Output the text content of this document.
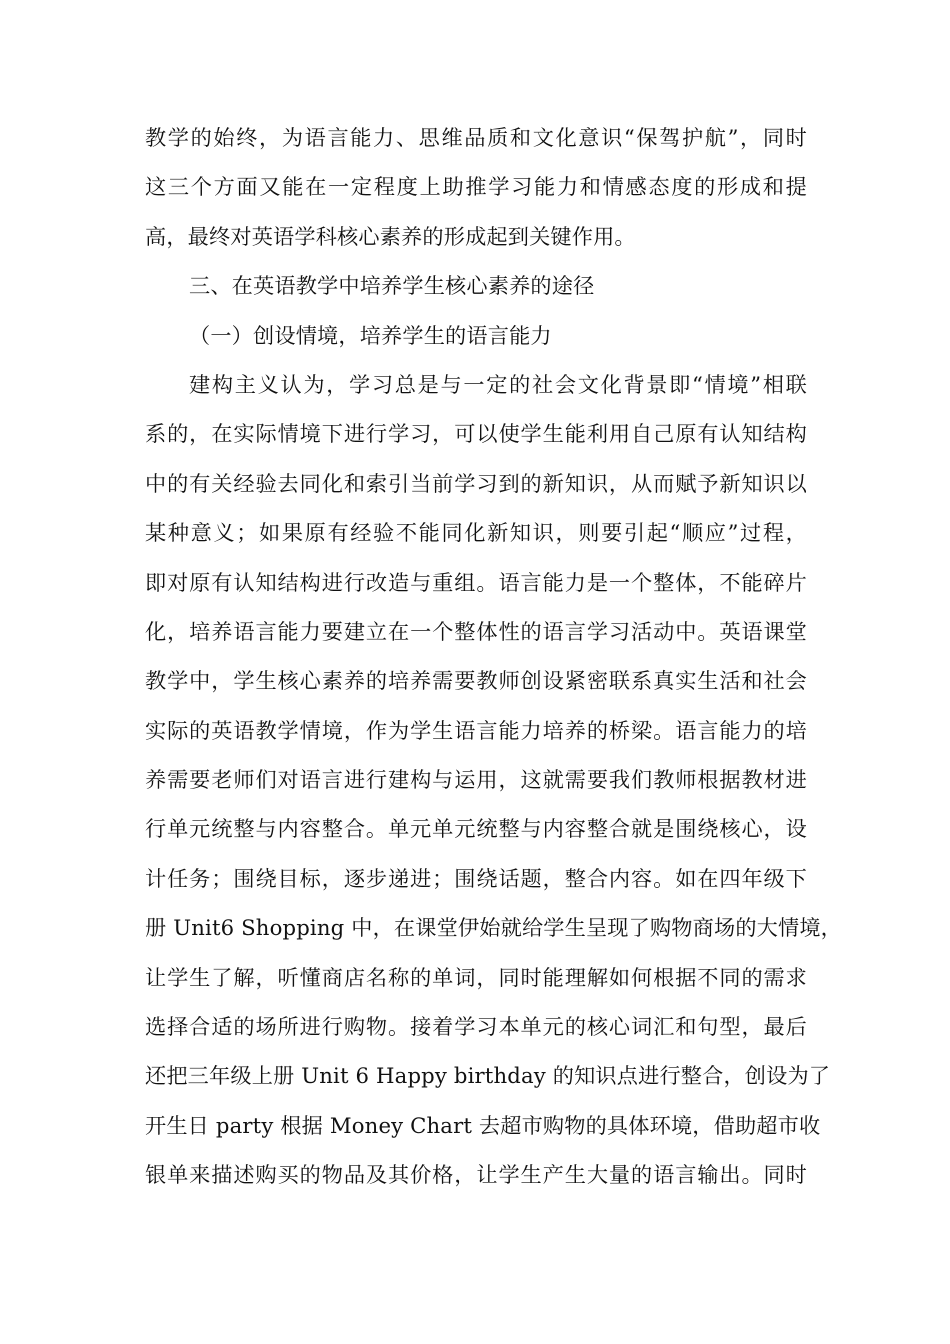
教学的始终，为语言能力、思维品质和文化意识“保驾护航”，同时
这三个方面又能在一定程度上助推学习能力和情感态度的形成和提
高，最终对英语学科核心素养的形成起到关键作用。
三、在英语教学中培养学生核心素养的途径
（一）创设情境，培养学生的语言能力
建构主义认为，学习总是与一定的社会文化背景即“情境”相联
系的，在实际情境下进行学习，可以使学生能利用自己原有认知结构
中的有关经验去同化和索引当前学习到的新知识，从而赋予新知识以
某种意义；如果原有经验不能同化新知识，则要引起“顺应”过程，
即对原有认知结构进行改造与重组。语言能力是一个整体，不能碎片
化，培养语言能力要建立在一个整体性的语言学习活动中。英语课堂
教学中，学生核心素养的培养需要教师创设紧密联系真实生活和社会
实际的英语教学情境，作为学生语言能力培养的桥梁。语言能力的培
养需要老师们对语言进行建构与运用，这就需要我们教师根据教材进
行单元统整与内容整合。单元单元统整与内容整合就是围绕核心，设
计任务；围绕目标，逐步递进；围绕话题，整合内容。如在四年级下
册 Unit6 Shopping 中，在课堂伊始就给学生呈现了购物商场的大情境，
让学生了解，听懂商店名称的单词，同时能理解如何根据不同的需求
选择合适的场所进行购物。接着学习本单元的核心词汇和句型，最后
还把三年级上册 Unit 6 Happy birthday 的知识点进行整合，创设为了
开生日 party 根据 Money Chart 去超市购物的具体环境，借助超市收
银单来描述购买的物品及其价格，让学生产生大量的语言输出。同时
